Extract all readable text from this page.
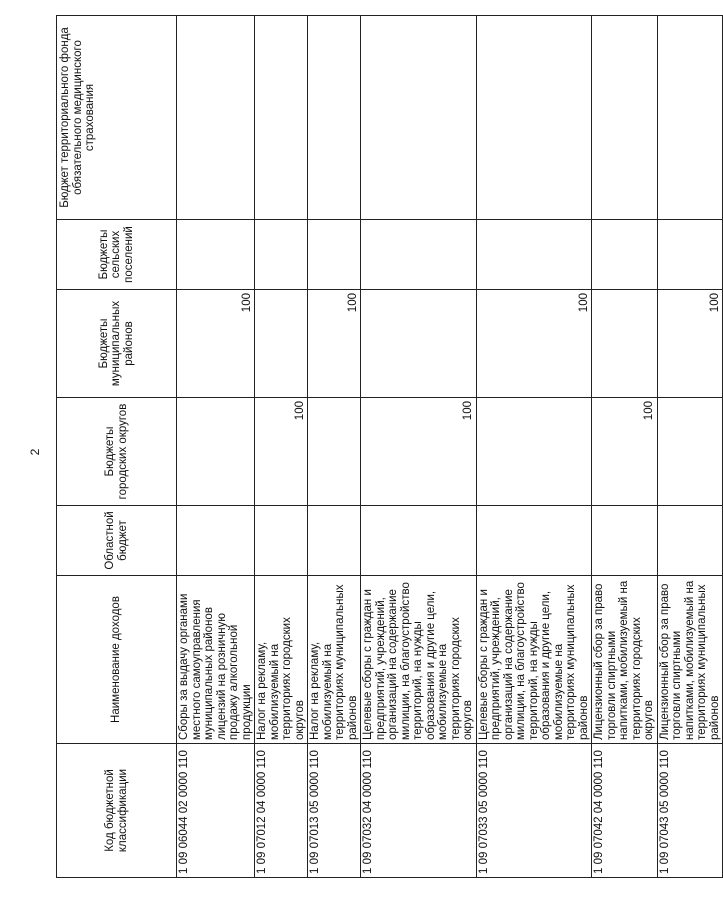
2
Код бюджетной классификации	Наименование доходов	Областной бюджет	Бюджеты городских округов	Бюджеты муниципальных районов	Бюджеты сельских поселений	Бюджет территориального фонда обязательного медицинского страхования
1 09 06044 02 0000 110	Сборы за выдачу органами местного самоуправления муниципальных районов лицензий на розничную продажу алкогольной продукции			100		
1 09 07012 04 0000 110	Налог на рекламу, мобилизуемый на территориях городских округов		100			
1 09 07013 05 0000 110	Налог на рекламу, мобилизуемый на территориях муниципальных районов			100		
1 09 07032 04 0000 110	Целевые сборы с граждан и предприятий, учреждений, организаций на содержание милиции, на благоустройство территорий, на нужды образования и другие цели, мобилизуемые на территориях городских округов		100			
1 09 07033 05 0000 110	Целевые сборы с граждан и предприятий, учреждений, организаций на содержание милиции, на благоустройство территорий, на нужды образования и другие цели, мобилизуемые на территориях муниципальных районов			100		
1 09 07042 04 0000 110	Лицензионный сбор за право торговли спиртными напитками, мобилизуемый на территориях городских округов		100			
1 09 07043 05 0000 110	Лицензионный сбор за право торговли спиртными напитками, мобилизуемый на территориях муниципальных районов			100		
